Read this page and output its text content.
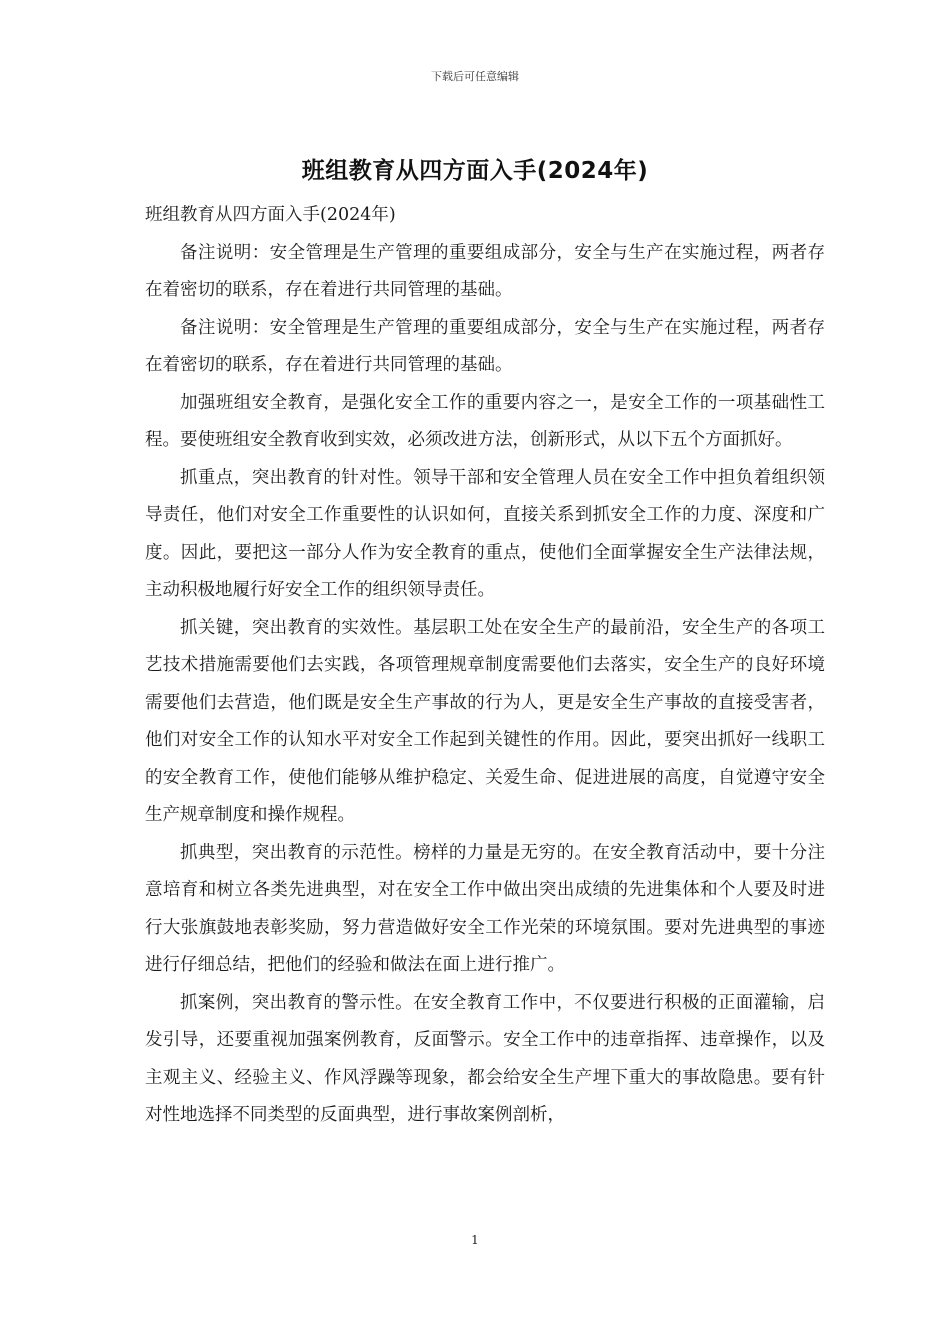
下载后可任意编辑
班组教育从四方面入手(2024年)

班组教育从四方面入手(2024年)

备注说明：安全管理是生产管理的重要组成部分，安全与生产在实施过程，两者存在着密切的联系，存在着进行共同管理的基础。

备注说明：安全管理是生产管理的重要组成部分，安全与生产在实施过程，两者存在着密切的联系，存在着进行共同管理的基础。

加强班组安全教育，是强化安全工作的重要内容之一，是安全工作的一项基础性工程。要使班组安全教育收到实效，必须改进方法，创新形式，从以下五个方面抓好。

抓重点，突出教育的针对性。领导干部和安全管理人员在安全工作中担负着组织领导责任，他们对安全工作重要性的认识如何，直接关系到抓安全工作的力度、深度和广度。因此，要把这一部分人作为安全教育的重点，使他们全面掌握安全生产法律法规，主动积极地履行好安全工作的组织领导责任。

抓关键，突出教育的实效性。基层职工处在安全生产的最前沿，安全生产的各项工艺技术措施需要他们去实践，各项管理规章制度需要他们去落实，安全生产的良好环境需要他们去营造，他们既是安全生产事故的行为人，更是安全生产事故的直接受害者，他们对安全工作的认知水平对安全工作起到关键性的作用。因此，要突出抓好一线职工的安全教育工作，使他们能够从维护稳定、关爱生命、促进进展的高度，自觉遵守安全生产规章制度和操作规程。

抓典型，突出教育的示范性。榜样的力量是无穷的。在安全教育活动中，要十分注意培育和树立各类先进典型，对在安全工作中做出突出成绩的先进集体和个人要及时进行大张旗鼓地表彰奖励，努力营造做好安全工作光荣的环境氛围。要对先进典型的事迹进行仔细总结，把他们的经验和做法在面上进行推广。

抓案例，突出教育的警示性。在安全教育工作中，不仅要进行积极的正面灌输，启发引导，还要重视加强案例教育，反面警示。安全工作中的违章指挥、违章操作，以及主观主义、经验主义、作风浮躁等现象，都会给安全生产埋下重大的事故隐患。要有针对性地选择不同类型的反面典型，进行事故案例剖析，

1
